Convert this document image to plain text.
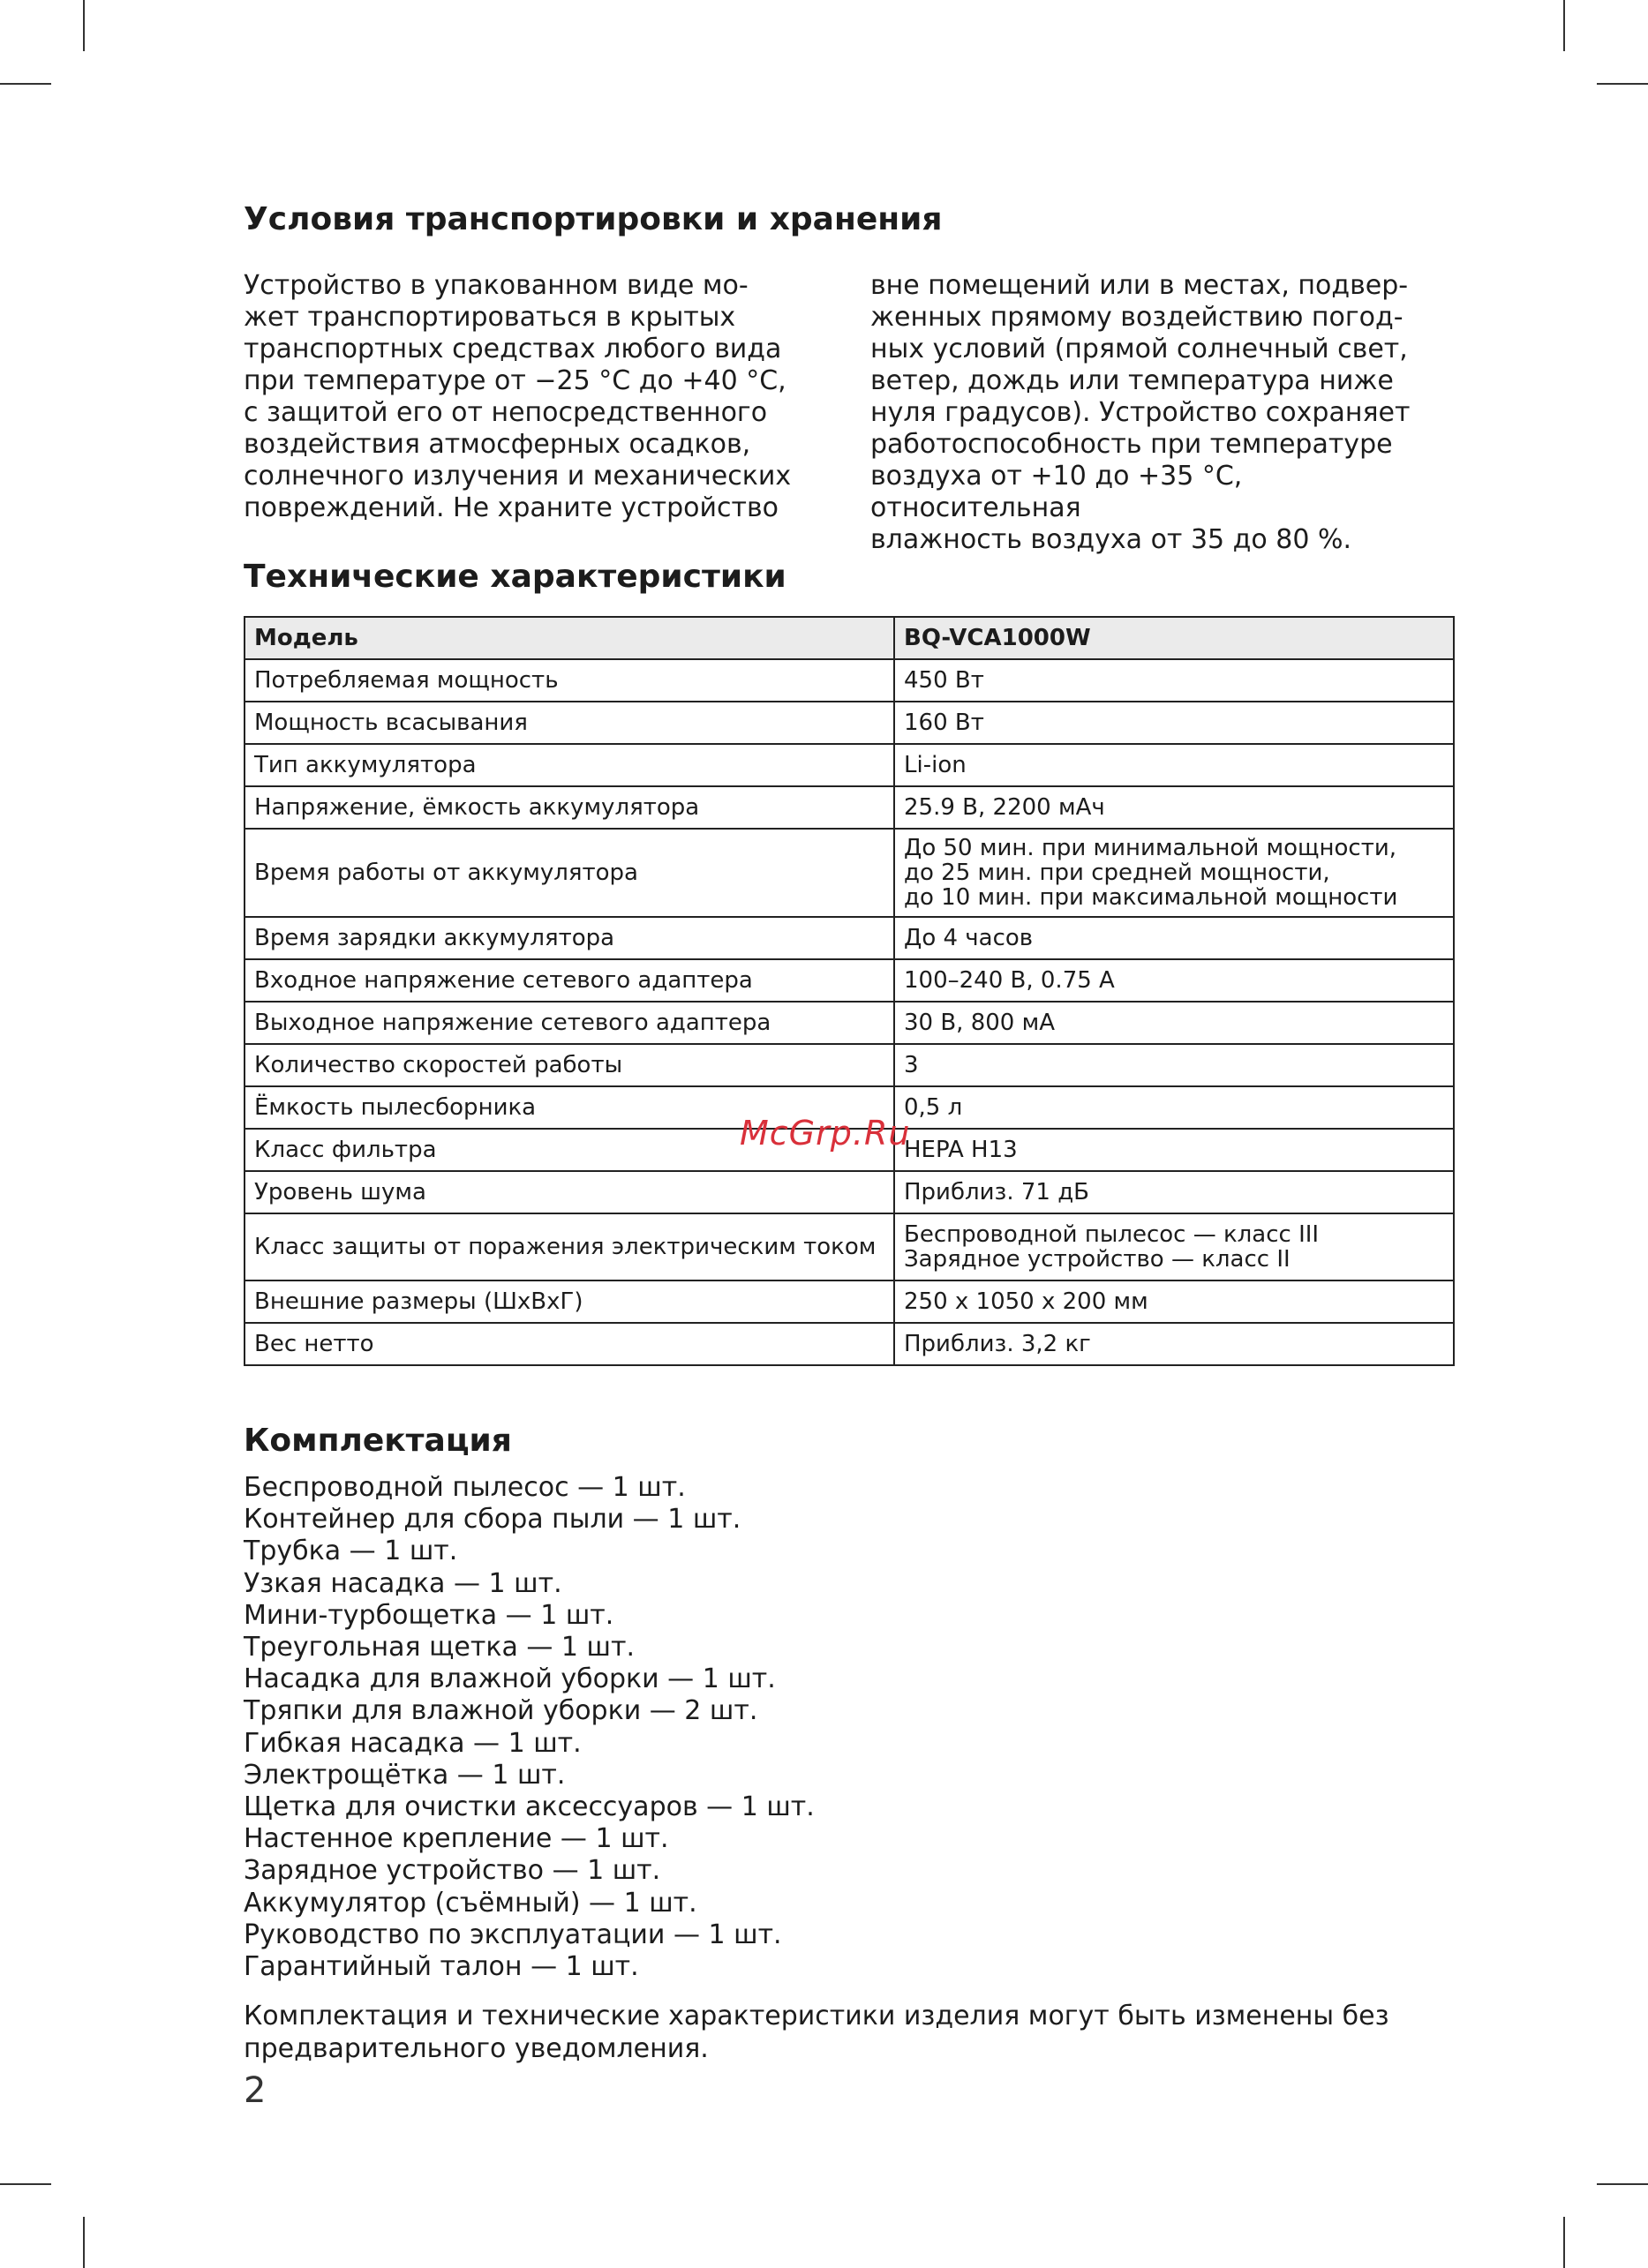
Условия транспортировки и хранения
Устройство в упакованном виде мо-
жет транспортироваться в крытых
транспортных средствах любого вида
при температуре от −25 °C до +40 °C,
с защитой его от непосредственного
воздействия атмосферных осадков,
солнечного излучения и механических
повреждений. Не храните устройство
вне помещений или в местах, подвер-
женных прямому воздействию погод-
ных условий (прямой солнечный свет,
ветер, дождь или температура ниже
нуля градусов). Устройство сохраняет
работоспособность при температуре
воздуха от +10 до +35 °C, относительная
влажность воздуха от 35 до 80 %.
Технические характеристики
Модель	BQ-VCA1000W
Потребляемая мощность	450 Вт
Мощность всасывания	160 Вт
Тип аккумулятора	Li-ion
Напряжение, ёмкость аккумулятора	25.9 В, 2200 мАч
Время работы от аккумулятора	До 50 мин. при минимальной мощности,
до 25 мин. при средней мощности,
до 10 мин. при максимальной мощности
Время зарядки аккумулятора	До 4 часов
Входное напряжение сетевого адаптера	100–240 В, 0.75 А
Выходное напряжение сетевого адаптера	30 В, 800 мА
Количество скоростей работы	3
Ёмкость пылесборника	0,5 л
Класс фильтра	HEPA H13
Уровень шума	Приблиз. 71 дБ
Класс защиты от поражения электрическим током	Беспроводной пылесос — класс III
Зарядное устройство — класс II
Внешние размеры (ШхВхГ)	250 х 1050 х 200 мм
Вес нетто	Приблиз. 3,2 кг
McGrp.Ru
Комплектация
Беспроводной пылесос — 1 шт.
Контейнер для сбора пыли — 1 шт.
Трубка — 1 шт.
Узкая насадка — 1 шт.
Мини-турбощетка — 1 шт.
Треугольная щетка — 1 шт.
Насадка для влажной уборки — 1 шт.
Тряпки для влажной уборки — 2 шт.
Гибкая насадка — 1 шт.
Электрощётка — 1 шт.
Щетка для очистки аксессуаров — 1 шт.
Настенное крепление — 1 шт.
Зарядное устройство — 1 шт.
Аккумулятор (съёмный) — 1 шт.
Руководство по эксплуатации — 1 шт.
Гарантийный талон — 1 шт.
Комплектация и технические характеристики изделия могут быть изменены без
предварительного уведомления.
2
